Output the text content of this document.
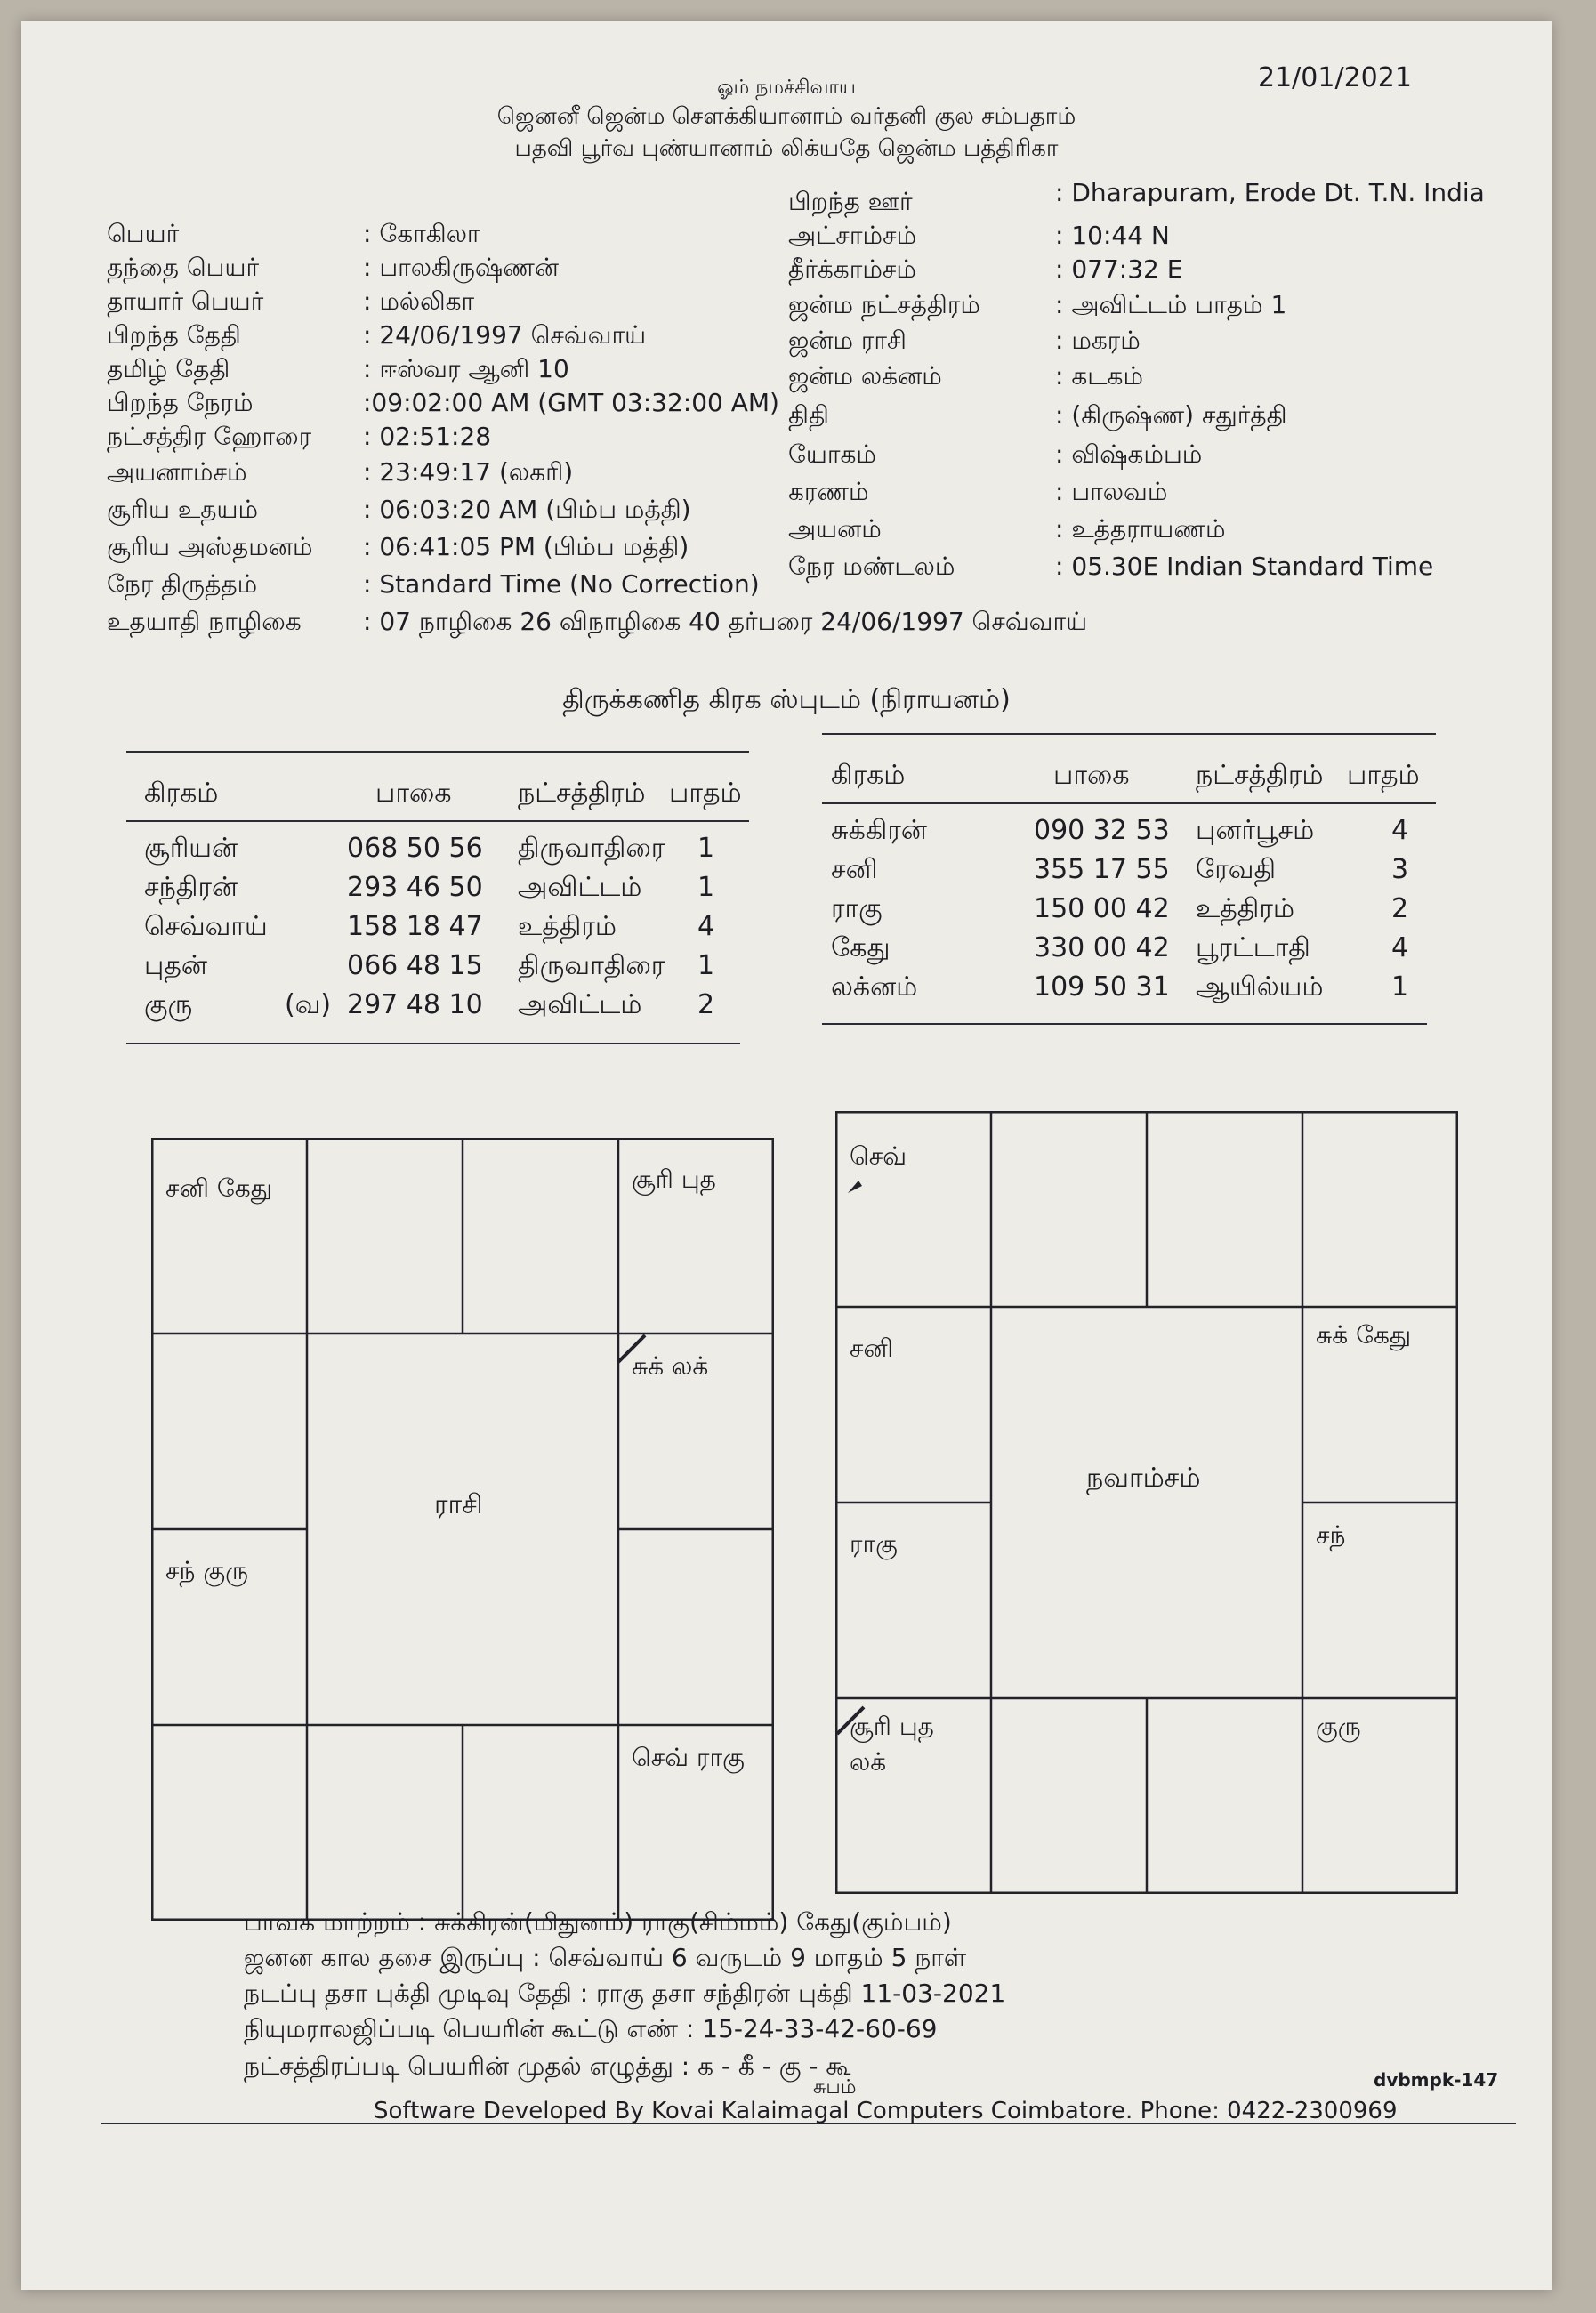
21/01/2021
ஓம் நமச்சிவாய
ஜெனனீ ஜென்ம சௌக்கியானாம் வர்தனி குல சம்பதாம்
பதவி பூர்வ புண்யானாம் லிக்யதே ஜென்ம பத்திரிகா
பெயர்	: கோகிலா
தந்தை பெயர்	: பாலகிருஷ்ணன்
தாயார் பெயர்	: மல்லிகா
பிறந்த தேதி	: 24/06/1997 செவ்வாய்
தமிழ் தேதி	: ஈஸ்வர ஆனி 10
பிறந்த நேரம்	:09:02:00 AM (GMT 03:32:00 AM)
நட்சத்திர ஹோரை : 02:51:28
அயனாம்சம்	: 23:49:17 (லகரி)
சூரிய உதயம்	: 06:03:20 AM (பிம்ப மத்தி)
சூரிய அஸ்தமனம் : 06:41:05 PM (பிம்ப மத்தி)
நேர திருத்தம்	: Standard Time (No Correction)
உதயாதி நாழிகை : 07 நாழிகை 26 விநாழிகை 40 தர்பரை 24/06/1997 செவ்வாய்
பிறந்த ஊர்	: Dharapuram, Erode Dt. T.N. India
அட்சாம்சம்	: 10:44 N
தீர்க்காம்சம்	: 077:32 E
ஜன்ம நட்சத்திரம்	: அவிட்டம் பாதம் 1
ஜன்ம ராசி	: மகரம்
ஜன்ம லக்னம்	: கடகம்
திதி	: (கிருஷ்ண) சதுர்த்தி
யோகம்	: விஷ்கம்பம்
கரணம்	: பாலவம்
அயனம்	: உத்தராயணம்
நேர மண்டலம்	: 05.30E Indian Standard Time
திருக்கணித கிரக ஸ்புடம் (நிராயனம்)
கிரகம்	பாகை நட்சத்திரம் பாதம்
சூரியன்	068 50 56 திருவாதிரை 1
சந்திரன்	293 46 50 அவிட்டம் 1
செவ்வாய்	158 18 47 உத்திரம்	4
புதன்	066 48 15 திருவாதிரை 1
குரு	(வ) 297 48 10 அவிட்டம் 2
கிரகம்	பாகை நட்சத்திரம் பாதம்
சுக்கிரன்	090 32 53 புனர்பூசம்	4
சனி	355 17 55 ரேவதி	3
ராகு	150 00 42 உத்திரம்	2
கேது	330 00 42 பூரட்டாதி	4
லக்னம்	109 50 31 ஆயில்யம்	1
சனி கேது	சூரி புத
சுக் லக்
செவ் ராகு
சந் குரு
ராசி
செவ்
சுக் கேது
சந்
குரு
சூரி புத
லக்
ராகு
சனி
நவாம்சம்
பாவக மாற்றம் : சுக்கிரன்(மிதுனம்) ராகு(சிம்மம்) கேது(கும்பம்)
ஜனன கால தசை இருப்பு : செவ்வாய் 6 வருடம் 9 மாதம் 5 நாள்
நடப்பு தசா புக்தி முடிவு தேதி : ராகு தசா சந்திரன் புக்தி 11-03-2021
நியுமராலஜிப்படி பெயரின் கூட்டு எண் : 15-24-33-42-60-69
நட்சத்திரப்படி பெயரின் முதல் எழுத்து : க - கீ - கு - கூ
சுபம்
Software Developed By Kovai Kalaimagal Computers Coimbatore. Phone: 0422-2300969
dvbmpk-147
